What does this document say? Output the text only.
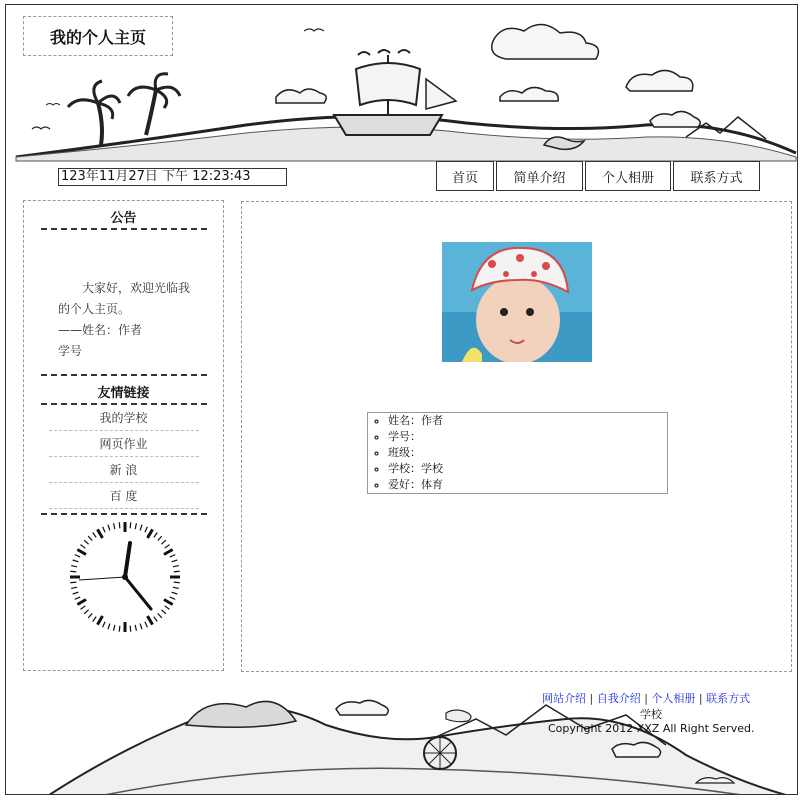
我的个人主页
123年11月27日 下午 12:23:43	首页	简单介绍	个人相册	联系方式
公告
大家好，欢迎光临我的个人主页。
——姓名：作者
学号
友情链接
我的学校
网页作业
新 浪
百 度
◦ 姓名：作者
◦ 学号：
◦ 班级：
◦ 学校：学校
◦ 爱好：体育
网站介绍 | 自我介绍 | 个人相册 | 联系方式
学校
Copyright 2012 XXZ All Right Served.
